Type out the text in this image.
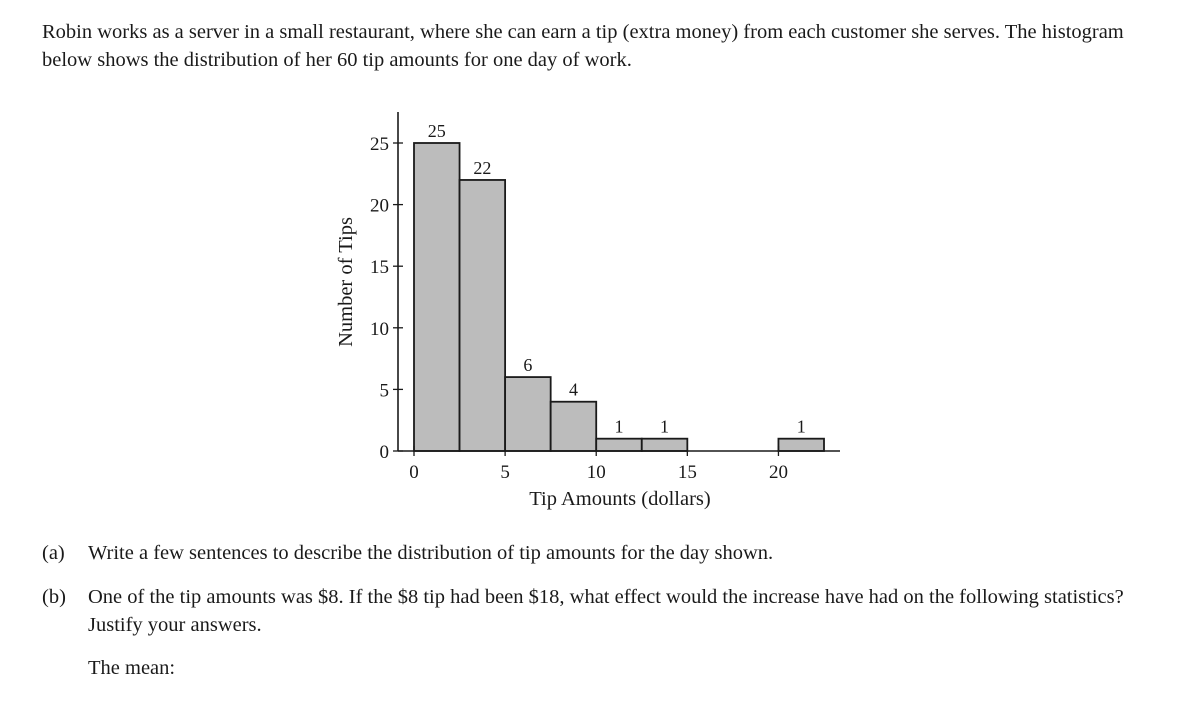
Robin works as a server in a small restaurant, where she can earn a tip (extra money) from each customer she serves. The histogram below shows the distribution of her 60 tip amounts for one day of work.

25
22
6
4
1 1	1
0	5	10	15	20
0
5
10
15
20
25
Tip Amounts (dollars)
Number of Tips
(a)	Write a few sentences to describe the distribution of tip amounts for the day shown.
(b)	One of the tip amounts was $8. If the $8 tip had been $18, what effect would the increase have had on the following statistics? Justify your answers.

The mean:
